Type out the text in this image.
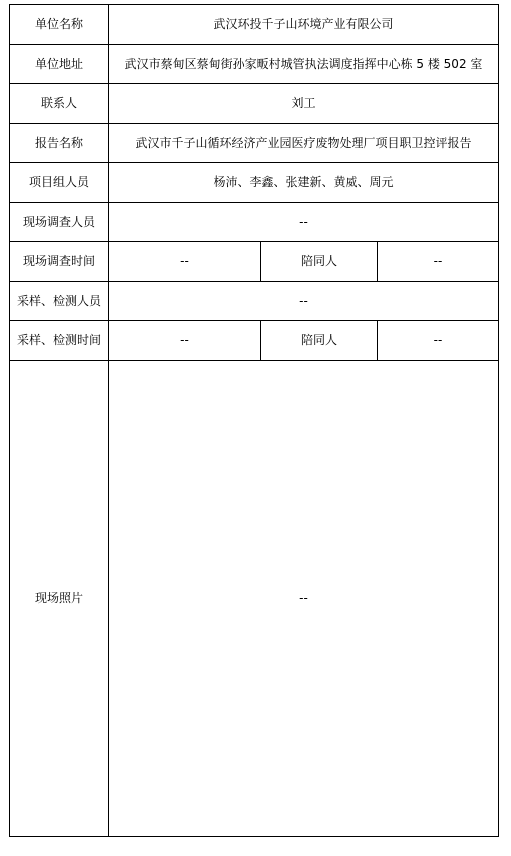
单位名称	武汉环投千子山环境产业有限公司		
单位地址	武汉市蔡甸区蔡甸街孙家畈村城管执法调度指挥中心栋 5 楼 502 室		
联系人	刘工		
报告名称	武汉市千子山循环经济产业园医疗废物处理厂项目职卫控评报告		
项目组人员	杨沛、李鑫、张建新、黄威、周元		
现场调查人员	--		
现场调查时间	--	陪同人	--
采样、检测人员	--		
采样、检测时间	--	陪同人	--
现场照片	--		
